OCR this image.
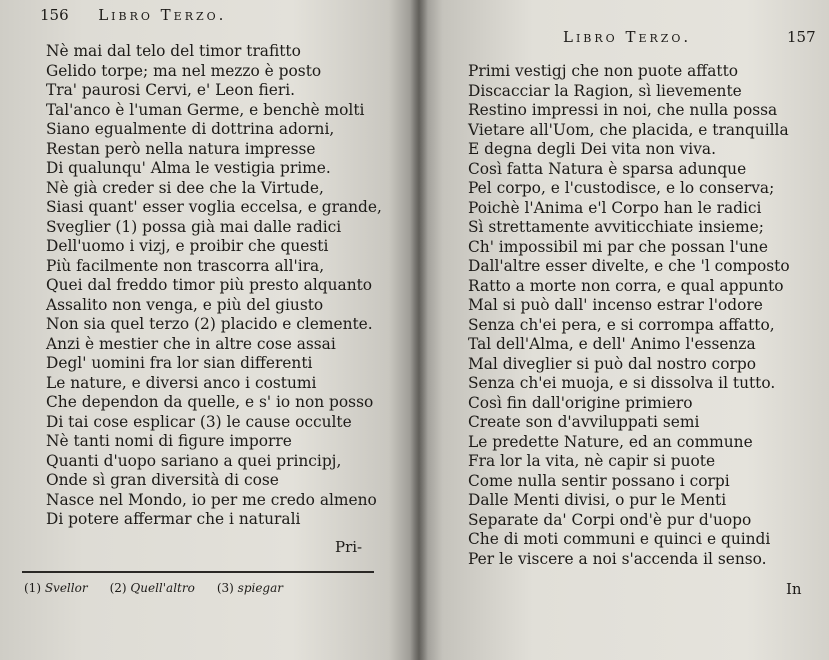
156 Libro Terzo.
Nè mai dal telo del timor trafitto
Gelido torpe; ma nel mezzo è posto
Tra' paurosi Cervi, e' Leon fieri.
Tal'anco è l'uman Germe, e benchè molti
Siano egualmente di dottrina adorni,
Restan però nella natura impresse
Di qualunqu' Alma le vestigia prime.
Nè già creder si dee che la Virtude,
Siasi quant' esser voglia eccelsa, e grande,
Sveglier (1) possa già mai dalle radici
Dell'uomo i vizj, e proibir che questi
Più facilmente non trascorra all'ira,
Quei dal freddo timor più presto alquanto
Assalito non venga, e più del giusto
Non sia quel terzo (2) placido e clemente.
Anzi è mestier che in altre cose assai
Degl' uomini fra lor sian differenti
Le nature, e diversi anco i costumi
Che dependon da quelle, e s' io non posso
Di tai cose esplicar (3) le cause occulte
Nè tanti nomi di figure imporre
Quanti d'uopo sariano a quei principj,
Onde sì gran diversità di cose
Nasce nel Mondo, io per me credo almeno
Di potere affermar che i naturali
Pri-
(1) Svellor (2) Quell'altro (3) spiegar
Libro Terzo.	157
Primi vestigj che non puote affatto
Discacciar la Ragion, sì lievemente
Restino impressi in noi, che nulla possa
Vietare all'Uom, che placida, e tranquilla
E degna degli Dei vita non viva.
Così fatta Natura è sparsa adunque
Pel corpo, e l'custodisce, e lo conserva;
Poichè l'Anima e'l Corpo han le radici
Sì strettamente avviticchiate insieme;
Ch' impossibil mi par che possan l'une
Dall'altre esser divelte, e che 'l composto
Ratto a morte non corra, e qual appunto
Mal si può dall' incenso estrar l'odore
Senza ch'ei pera, e si corrompa affatto,
Tal dell'Alma, e dell' Animo l'essenza
Mal diveglier si può dal nostro corpo
Senza ch'ei muoja, e si dissolva il tutto.
Così fin dall'origine primiero
Create son d'avviluppati semi
Le predette Nature, ed an commune
Fra lor la vita, nè capir si puote
Come nulla sentir possano i corpi
Dalle Menti divisi, o pur le Menti
Separate da' Corpi ond'è pur d'uopo
Che di moti communi e quinci e quindi
Per le viscere a noi s'accenda il senso.
In
